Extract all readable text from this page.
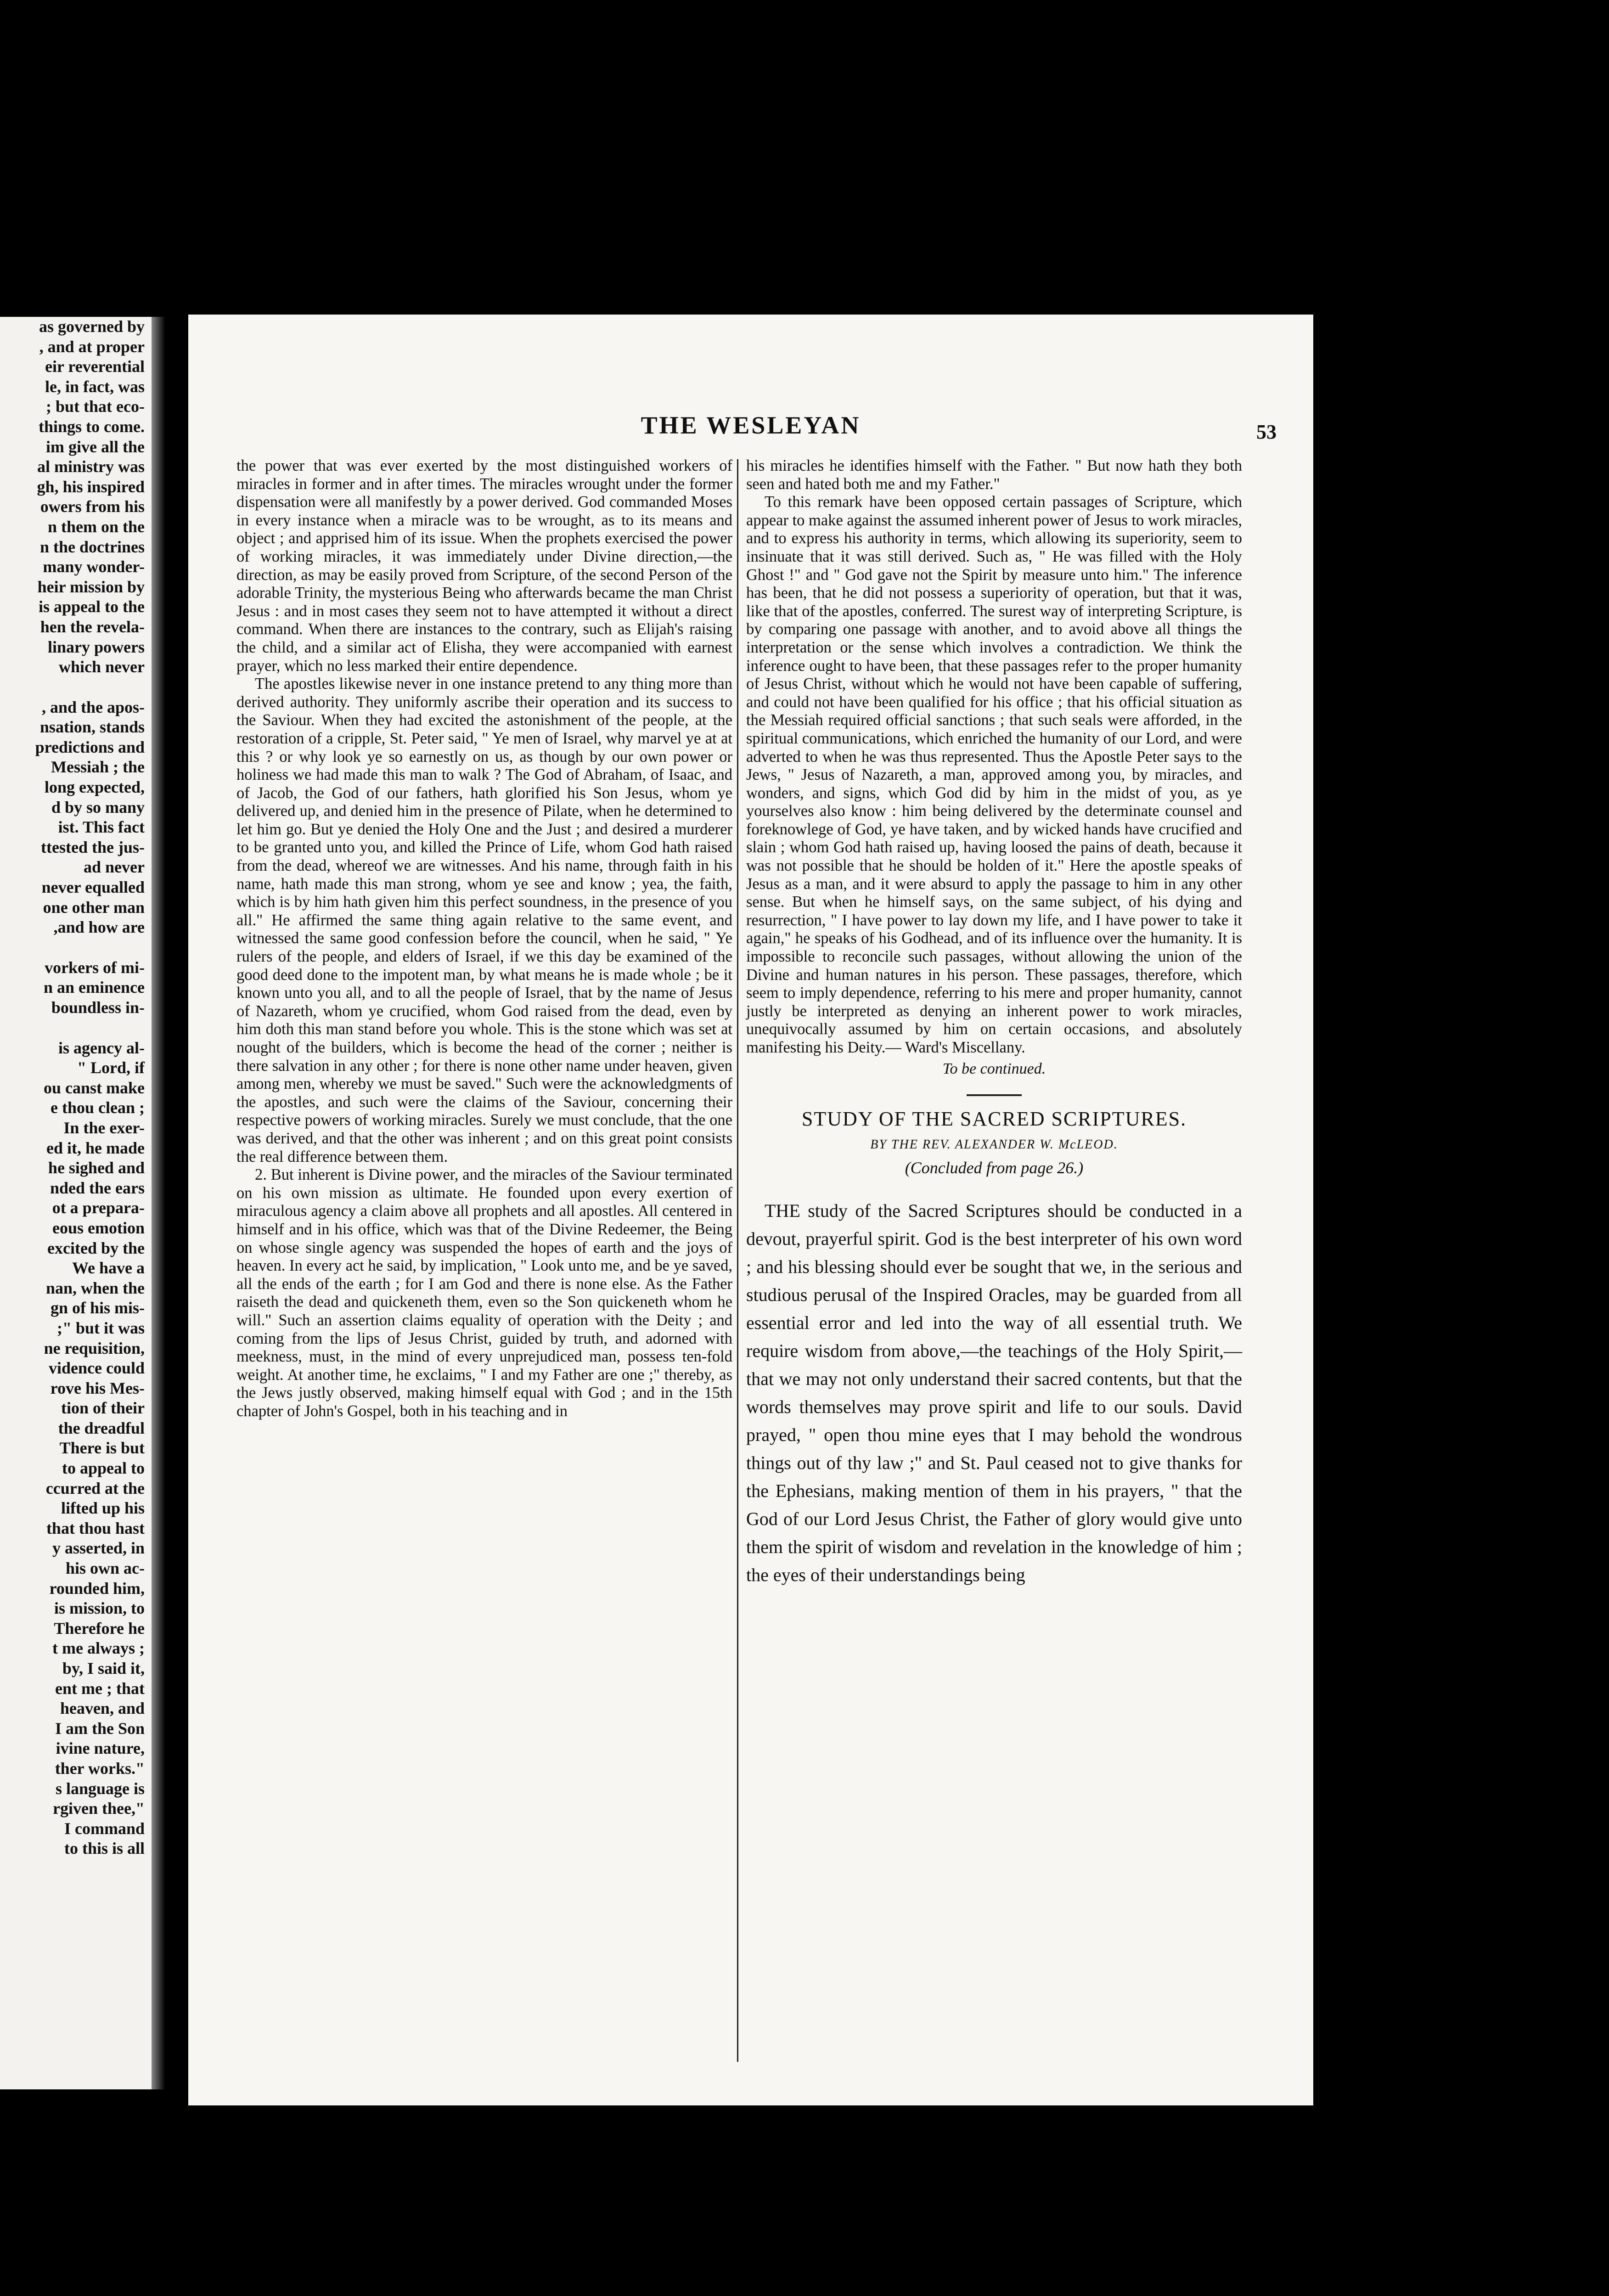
as governed by
, and at proper
eir reverential
le, in fact, was
; but that eco-
things to come.
im give all the
al ministry was
gh, his inspired
owers from his
n them on the
n the doctrines
many wonder-
heir mission by
is appeal to the
hen the revela-
linary powers
which never
, and the apos-
nsation, stands
predictions and
Messiah ; the
long expected,
d by so many
ist. This fact
ttested the jus-
ad never
never equalled
one other man
,and how are
vorkers of mi-
n an eminence
boundless in-
is agency al-
" Lord, if
ou canst make
e thou clean ;
In the exer-
ed it, he made
he sighed and
nded the ears
ot a prepara-
eous emotion
excited by the
We have a
nan, when the
gn of his mis-
;" but it was
ne requisition,
vidence could
rove his Mes-
tion of their
the dreadful
There is but
to appeal to
ccurred at the
lifted up his
that thou hast
y asserted, in
his own ac-
rounded him,
is mission, to
Therefore he
t me always ;
by, I said it,
ent me ; that
heaven, and
I am the Son
ivine nature,
ther works."
s language is
rgiven thee,"
I command
to this is all
THE WESLEYAN	53

the power that was ever exerted by the most distinguished workers of miracles in former and in after times. The miracles wrought under the former dispensation were all manifestly by a power derived. God commanded Moses in every instance when a miracle was to be wrought, as to its means and object ; and apprised him of its issue. When the prophets exercised the power of working miracles, it was immediately under Divine direction,—the direction, as may be easily proved from Scripture, of the second Person of the adorable Trinity, the mysterious Being who afterwards became the man Christ Jesus : and in most cases they seem not to have attempted it without a direct command. When there are instances to the contrary, such as Elijah's raising the child, and a similar act of Elisha, they were accompanied with earnest prayer, which no less marked their entire dependence.

The apostles likewise never in one instance pretend to any thing more than derived authority. They uniformly ascribe their operation and its success to the Saviour. When they had excited the astonishment of the people, at the restoration of a cripple, St. Peter said, " Ye men of Israel, why marvel ye at at this ? or why look ye so earnestly on us, as though by our own power or holiness we had made this man to walk ? The God of Abraham, of Isaac, and of Jacob, the God of our fathers, hath glorified his Son Jesus, whom ye delivered up, and denied him in the presence of Pilate, when he determined to let him go. But ye denied the Holy One and the Just ; and desired a murderer to be granted unto you, and killed the Prince of Life, whom God hath raised from the dead, whereof we are witnesses. And his name, through faith in his name, hath made this man strong, whom ye see and know ; yea, the faith, which is by him hath given him this perfect soundness, in the presence of you all." He affirmed the same thing again relative to the same event, and witnessed the same good confession before the council, when he said, " Ye rulers of the people, and elders of Israel, if we this day be examined of the good deed done to the impotent man, by what means he is made whole ; be it known unto you all, and to all the people of Israel, that by the name of Jesus of Nazareth, whom ye crucified, whom God raised from the dead, even by him doth this man stand before you whole. This is the stone which was set at nought of the builders, which is become the head of the corner ; neither is there salvation in any other ; for there is none other name under heaven, given among men, whereby we must be saved." Such were the acknowledgments of the apostles, and such were the claims of the Saviour, concerning their respective powers of working miracles. Surely we must conclude, that the one was derived, and that the other was inherent ; and on this great point consists the real difference between them.

2. But inherent is Divine power, and the miracles of the Saviour terminated on his own mission as ultimate. He founded upon every exertion of miraculous agency a claim above all prophets and all apostles. All centered in himself and in his office, which was that of the Divine Redeemer, the Being on whose single agency was suspended the hopes of earth and the joys of heaven. In every act he said, by implication, " Look unto me, and be ye saved, all the ends of the earth ; for I am God and there is none else. As the Father raiseth the dead and quickeneth them, even so the Son quickeneth whom he will." Such an assertion claims equality of operation with the Deity ; and coming from the lips of Jesus Christ, guided by truth, and adorned with meekness, must, in the mind of every unprejudiced man, possess ten-fold weight. At another time, he exclaims, " I and my Father are one ;" thereby, as the Jews justly observed, making himself equal with God ; and in the 15th chapter of John's Gospel, both in his teaching and in

his miracles he identifies himself with the Father. " But now hath they both seen and hated both me and my Father."

To this remark have been opposed certain passages of Scripture, which appear to make against the assumed inherent power of Jesus to work miracles, and to express his authority in terms, which allowing its superiority, seem to insinuate that it was still derived. Such as, " He was filled with the Holy Ghost !" and " God gave not the Spirit by measure unto him." The inference has been, that he did not possess a superiority of operation, but that it was, like that of the apostles, conferred. The surest way of interpreting Scripture, is by comparing one passage with another, and to avoid above all things the interpretation or the sense which involves a contradiction. We think the inference ought to have been, that these passages refer to the proper humanity of Jesus Christ, without which he would not have been capable of suffering, and could not have been qualified for his office ; that his official situation as the Messiah required official sanctions ; that such seals were afforded, in the spiritual communications, which enriched the humanity of our Lord, and were adverted to when he was thus represented. Thus the Apostle Peter says to the Jews, " Jesus of Nazareth, a man, approved among you, by miracles, and wonders, and signs, which God did by him in the midst of you, as ye yourselves also know : him being delivered by the determinate counsel and foreknowlege of God, ye have taken, and by wicked hands have crucified and slain ; whom God hath raised up, having loosed the pains of death, because it was not possible that he should be holden of it." Here the apostle speaks of Jesus as a man, and it were absurd to apply the passage to him in any other sense. But when he himself says, on the same subject, of his dying and resurrection, " I have power to lay down my life, and I have power to take it again," he speaks of his Godhead, and of its influence over the humanity. It is impossible to reconcile such passages, without allowing the union of the Divine and human natures in his person. These passages, therefore, which seem to imply dependence, referring to his mere and proper humanity, cannot justly be interpreted as denying an inherent power to work miracles, unequivocally assumed by him on certain occasions, and absolutely manifesting his Deity.— Ward's Miscellany.

To be continued.
STUDY OF THE SACRED SCRIPTURES.
BY THE REV. ALEXANDER W. McLEOD.
(Concluded from page 26.)

THE study of the Sacred Scriptures should be conducted in a devout, prayerful spirit. God is the best interpreter of his own word ; and his blessing should ever be sought that we, in the serious and studious perusal of the Inspired Oracles, may be guarded from all essential error and led into the way of all essential truth. We require wisdom from above,—the teachings of the Holy Spirit,—that we may not only understand their sacred contents, but that the words themselves may prove spirit and life to our souls. David prayed, " open thou mine eyes that I may behold the wondrous things out of thy law ;" and St. Paul ceased not to give thanks for the Ephesians, making mention of them in his prayers, " that the God of our Lord Jesus Christ, the Father of glory would give unto them the spirit of wisdom and revelation in the knowledge of him ; the eyes of their understandings being
